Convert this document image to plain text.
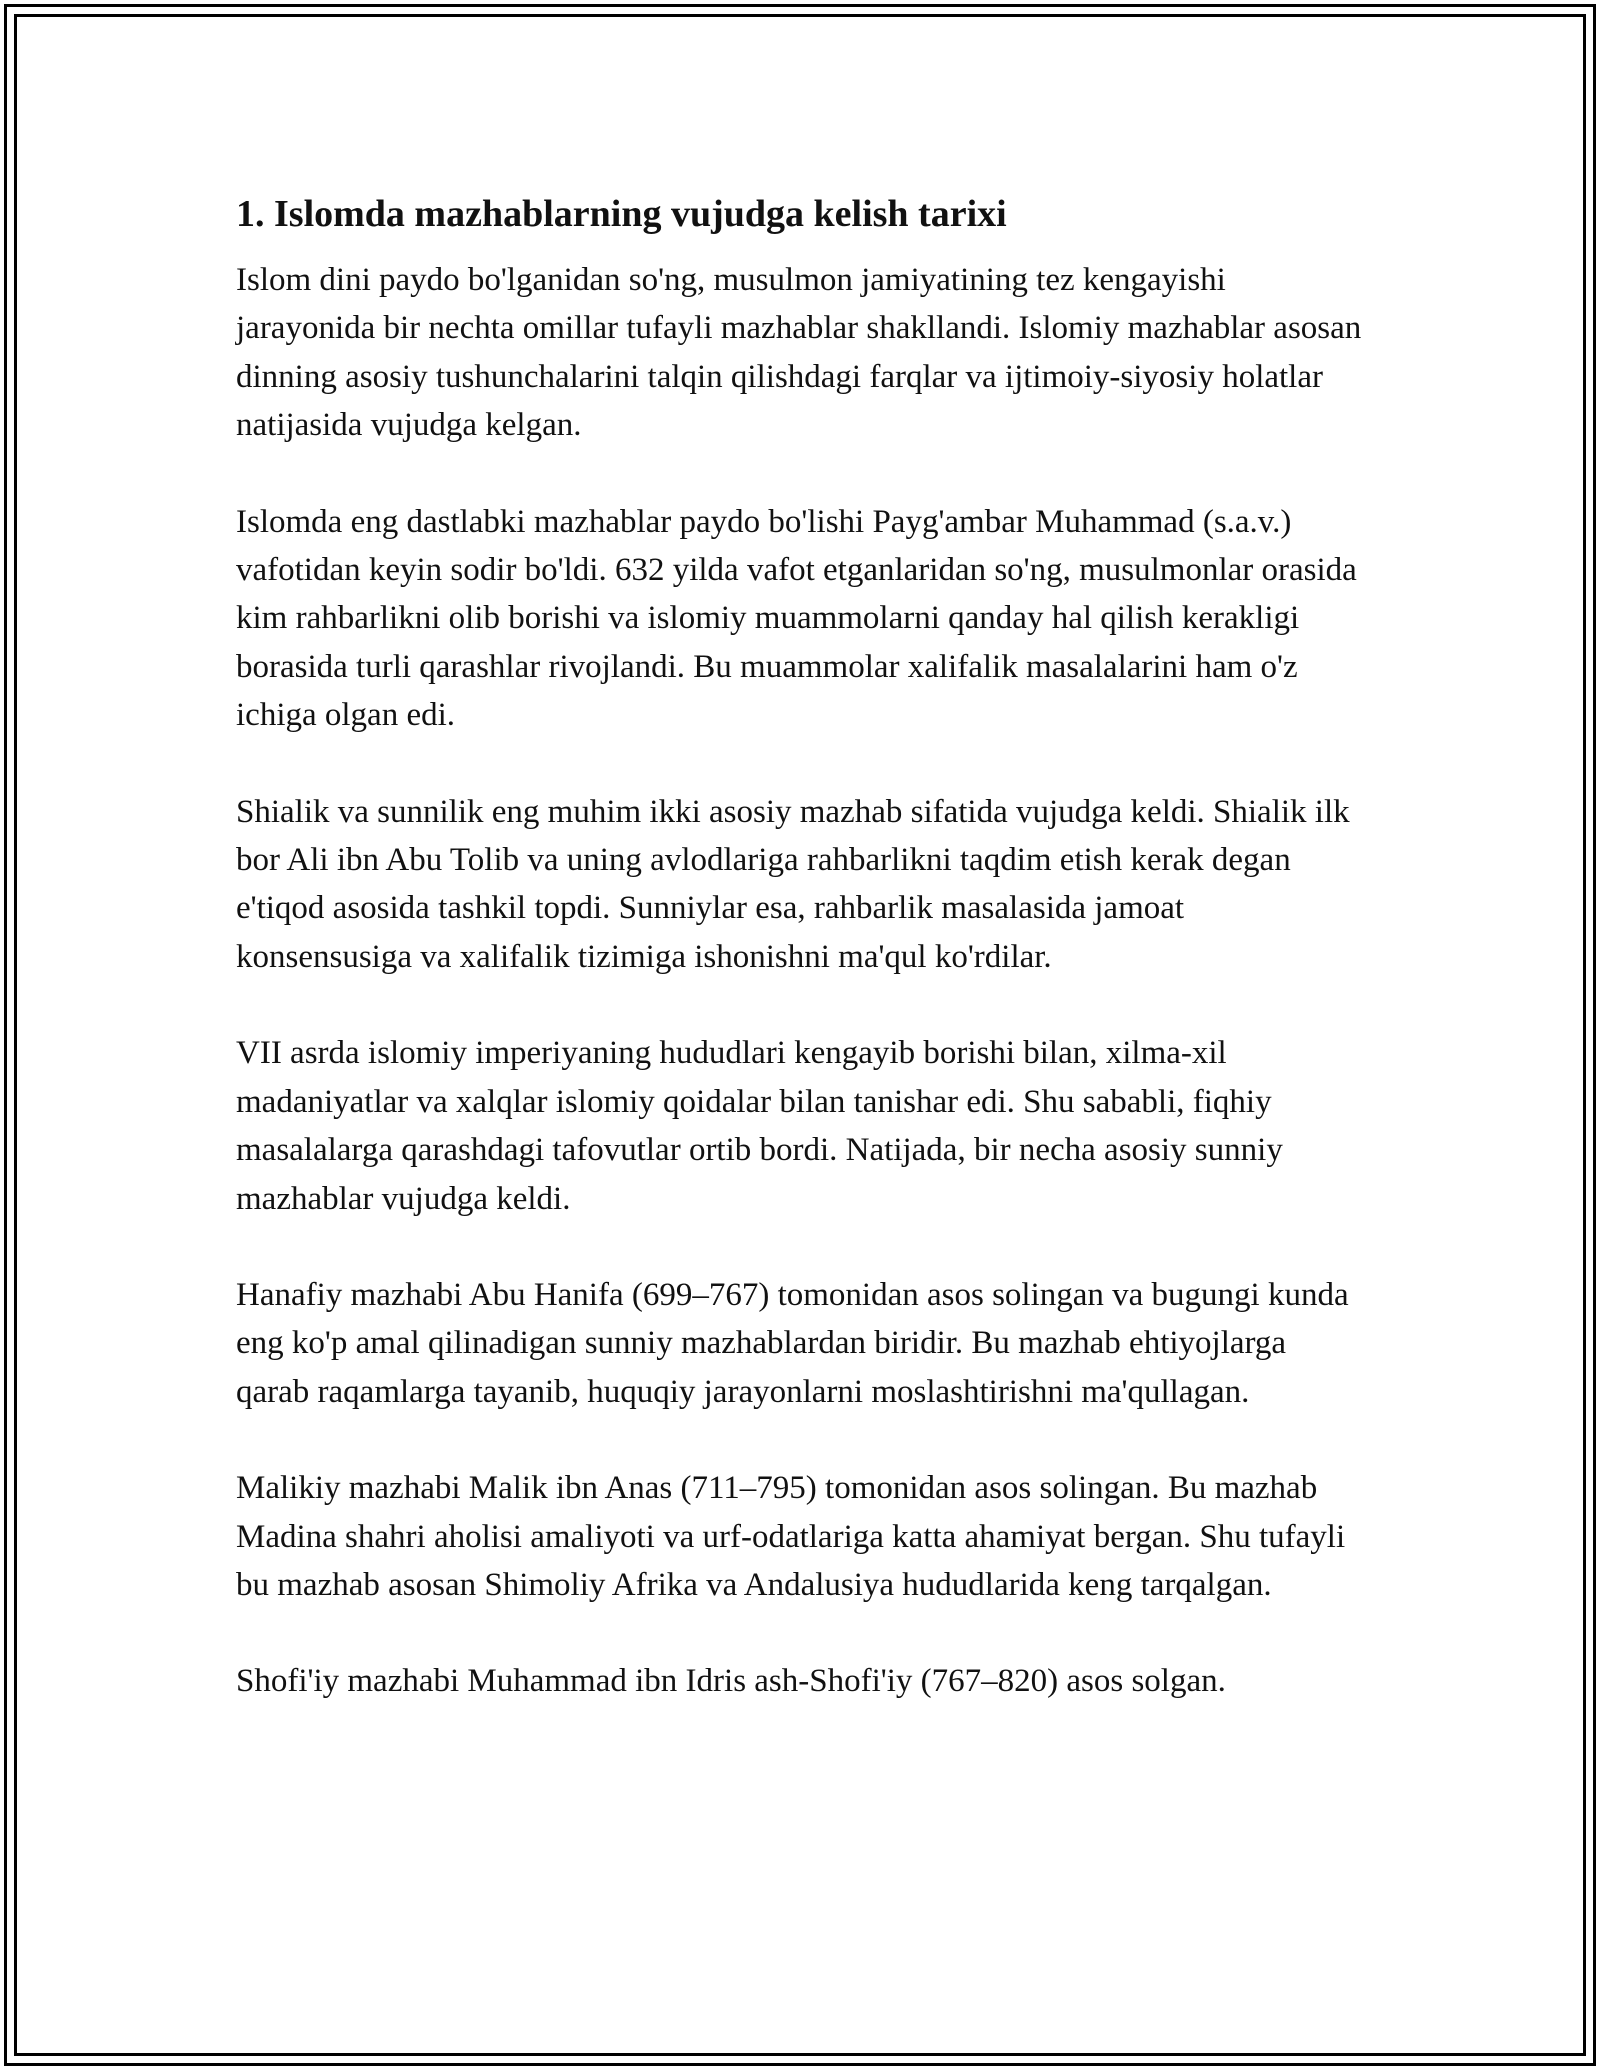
1. Islomda mazhablarning vujudga kelish tarixi

Islom dini paydo bo'lganidan so'ng, musulmon jamiyatining tez kengayishi jarayonida bir nechta omillar tufayli mazhablar shakllandi. Islomiy mazhablar asosan dinning asosiy tushunchalarini talqin qilishdagi farqlar va ijtimoiy-siyosiy holatlar natijasida vujudga kelgan.

Islomda eng dastlabki mazhablar paydo bo'lishi Payg'ambar Muhammad (s.a.v.) vafotidan keyin sodir bo'ldi. 632 yilda vafot etganlaridan so'ng, musulmonlar orasida kim rahbarlikni olib borishi va islomiy muammolarni qanday hal qilish kerakligi borasida turli qarashlar rivojlandi. Bu muammolar xalifalik masalalarini ham o'z ichiga olgan edi.

Shialik va sunnilik eng muhim ikki asosiy mazhab sifatida vujudga keldi. Shialik ilk bor Ali ibn Abu Tolib va uning avlodlariga rahbarlikni taqdim etish kerak degan e'tiqod asosida tashkil topdi. Sunniylar esa, rahbarlik masalasida jamoat konsensusiga va xalifalik tizimiga ishonishni ma'qul ko'rdilar.

VII asrda islomiy imperiyaning hududlari kengayib borishi bilan, xilma-xil madaniyatlar va xalqlar islomiy qoidalar bilan tanishar edi. Shu sababli, fiqhiy masalalarga qarashdagi tafovutlar ortib bordi. Natijada, bir necha asosiy sunniy mazhablar vujudga keldi.

Hanafiy mazhabi Abu Hanifa (699–767) tomonidan asos solingan va bugungi kunda eng ko'p amal qilinadigan sunniy mazhablardan biridir. Bu mazhab ehtiyojlarga qarab raqamlarga tayanib, huquqiy jarayonlarni moslashtirishni ma'qullagan.

Malikiy mazhabi Malik ibn Anas (711–795) tomonidan asos solingan. Bu mazhab Madina shahri aholisi amaliyoti va urf-odatlariga katta ahamiyat bergan. Shu tufayli bu mazhab asosan Shimoliy Afrika va Andalusiya hududlarida keng tarqalgan.

Shofi'iy mazhabi Muhammad ibn Idris ash-Shofi'iy (767–820) asos solgan.
